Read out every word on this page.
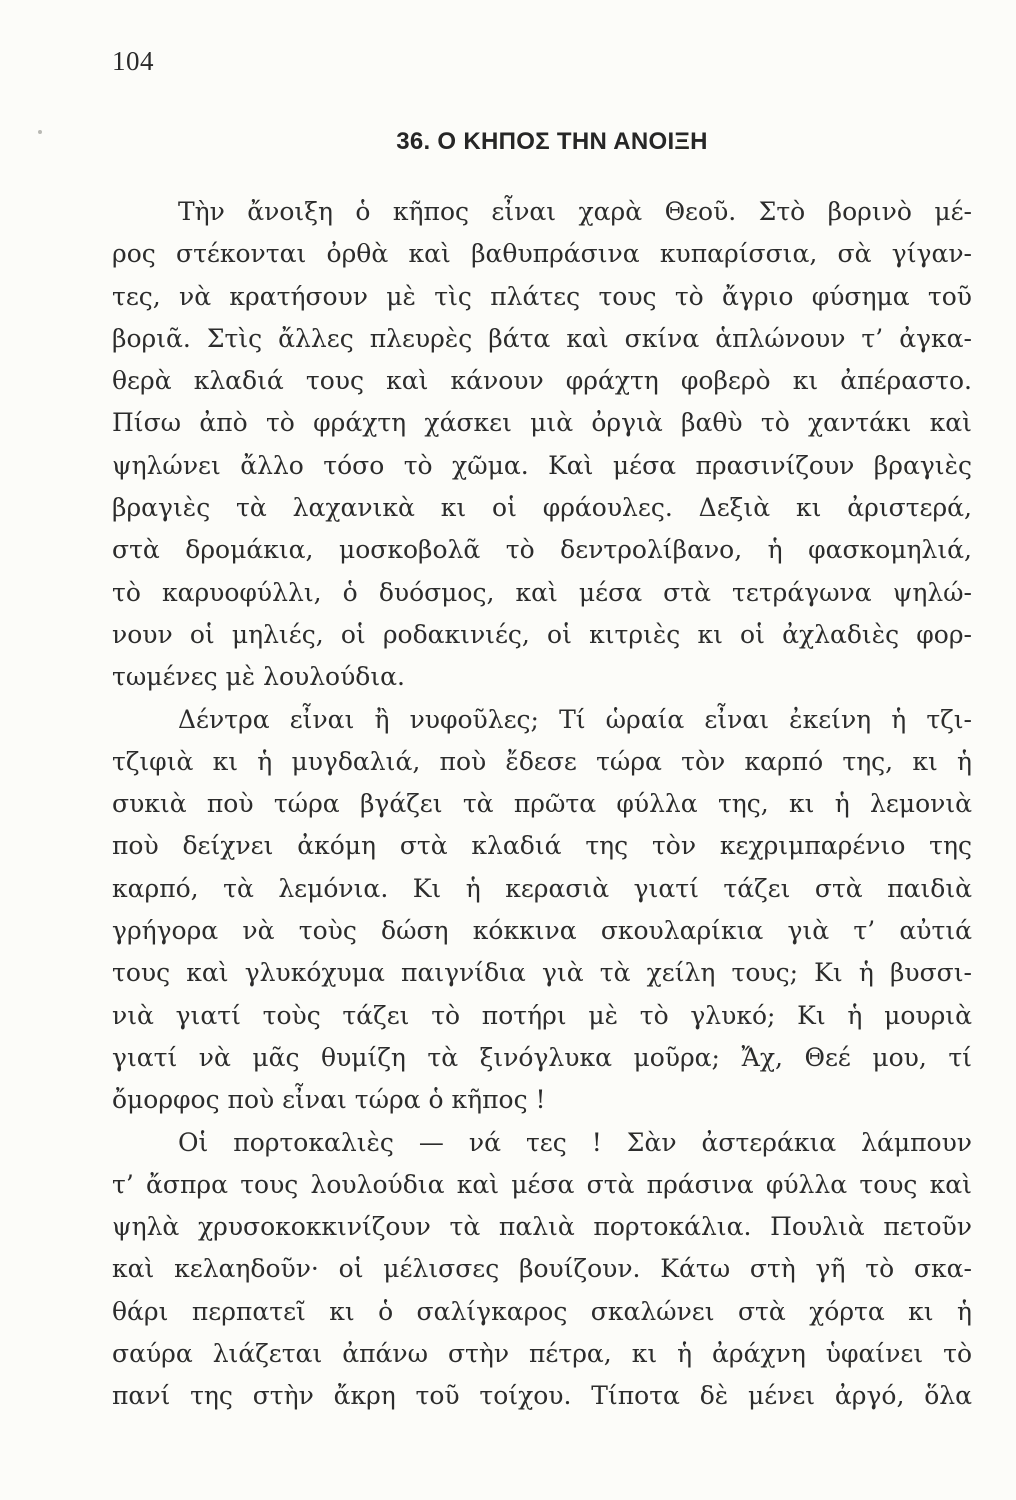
104
36. Ο ΚΗΠΟΣ ΤΗΝ ΑΝΟΙΞΗ
Τὴν ἄνοιξη ὁ κῆπος εἶναι χαρὰ Θεοῦ. Στὸ βορινὸ μέ-
ρος στέκονται ὀρθὰ καὶ βαθυπράσινα κυπαρίσσια, σὰ γίγαν-
τες, νὰ κρατήσουν μὲ τὶς πλάτες τους τὸ ἄγριο φύσημα τοῦ
βοριᾶ. Στὶς ἄλλες πλευρὲς βάτα καὶ σκίνα ἁπλώνουν τ’ ἀγκα-
θερὰ κλαδιά τους καὶ κάνουν φράχτη φοβερὸ κι ἀπέραστο.
Πίσω ἀπὸ τὸ φράχτη χάσκει μιὰ ὀργιὰ βαθὺ τὸ χαντάκι καὶ
ψηλώνει ἄλλο τόσο τὸ χῶμα. Καὶ μέσα πρασινίζουν βραγιὲς
βραγιὲς τὰ λαχανικὰ κι οἱ φράουλες. Δεξιὰ κι ἀριστερά,
στὰ δρομάκια, μοσκοβολᾶ τὸ δεντρολίβανο, ἡ φασκομηλιά,
τὸ καρυοφύλλι, ὁ δυόσμος, καὶ μέσα στὰ τετράγωνα ψηλώ-
νουν οἱ μηλιές, οἱ ροδακινιές, οἱ κιτριὲς κι οἱ ἀχλαδιὲς φορ-
τωμένες μὲ λουλούδια.
Δέντρα εἶναι ἢ νυφοῦλες; Τί ὡραία εἶναι ἐκείνη ἡ τζι-
τζιφιὰ κι ἡ μυγδαλιά, ποὺ ἔδεσε τώρα τὸν καρπό της, κι ἡ
συκιὰ ποὺ τώρα βγάζει τὰ πρῶτα φύλλα της, κι ἡ λεμονιὰ
ποὺ δείχνει ἀκόμη στὰ κλαδιά της τὸν κεχριμπαρένιο της
καρπό, τὰ λεμόνια. Κι ἡ κερασιὰ γιατί τάζει στὰ παιδιὰ
γρήγορα νὰ τοὺς δώση κόκκινα σκουλαρίκια γιὰ τ’ αὐτιά
τους καὶ γλυκόχυμα παιγνίδια γιὰ τὰ χείλη τους; Κι ἡ βυσσι-
νιὰ γιατί τοὺς τάζει τὸ ποτήρι μὲ τὸ γλυκό; Κι ἡ μουριὰ
γιατί νὰ μᾶς θυμίζη τὰ ξινόγλυκα μοῦρα; Ἄχ, Θεέ μου, τί
ὄμορφος ποὺ εἶναι τώρα ὁ κῆπος !
Οἱ πορτοκαλιὲς — νά τες ! Σὰν ἀστεράκια λάμπουν
τ’ ἄσπρα τους λουλούδια καὶ μέσα στὰ πράσινα φύλλα τους καὶ
ψηλὰ χρυσοκοκκινίζουν τὰ παλιὰ πορτοκάλια. Πουλιὰ πετοῦν
καὶ κελαηδοῦν· οἱ μέλισσες βουίζουν. Κάτω στὴ γῆ τὸ σκα-
θάρι περπατεῖ κι ὁ σαλίγκαρος σκαλώνει στὰ χόρτα κι ἡ
σαύρα λιάζεται ἀπάνω στὴν πέτρα, κι ἡ ἀράχνη ὑφαίνει τὸ
πανί της στὴν ἄκρη τοῦ τοίχου. Τίποτα δὲ μένει ἀργό, ὅλα
